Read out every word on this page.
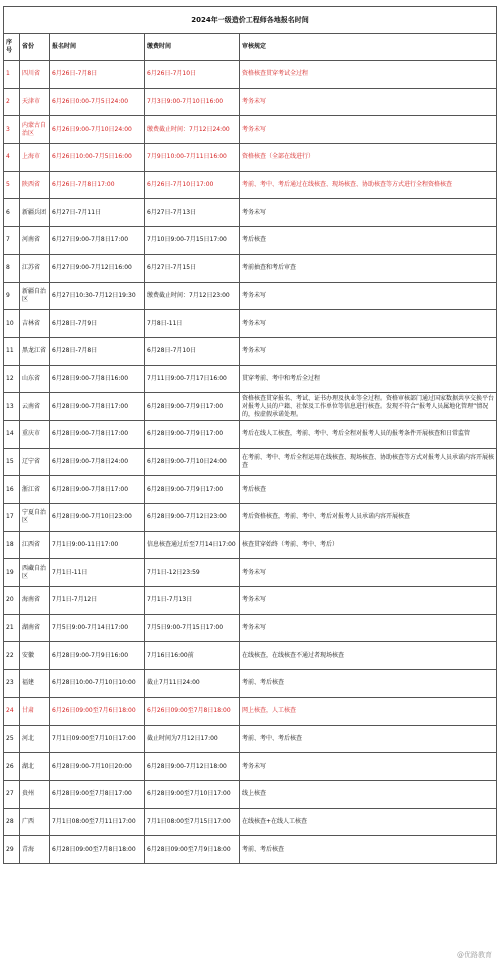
2024年一级造价工程师各地报名时间				
序号	省份	报名时间	缴费时间	审核规定
1	四川省	6月26日-7月8日	6月26日-7月10日	资格核查贯穿考试全过程
2	天津市	6月26日0:00-7月5日24:00	7月3日9:00-7月10日16:00	考务未写
3	内蒙古自治区	6月26日9:00-7月10日24:00	缴费截止时间：7月12日24:00	考务未写
4	上海市	6月26日10:00-7月5日16:00	7月9日10:00-7月11日16:00	资格核查（全部在线进行）
5	陕西省	6月26日-7月8日17:00	6月26日-7月10日17:00	考前、考中、考后通过在线核查、现场核查、协助核查等方式进行全程资格核查
6	新疆兵团	6月27日-7月11日	6月27日-7月13日	考务未写
7	河南省	6月27日9:00-7月8日17:00	7月10日9:00-7月15日17:00	考后核查
8	江苏省	6月27日9:00-7月12日16:00	6月27日-7月15日	考前抽查和考后审查
9	新疆自治区	6月27日10:30-7月12日19:30	缴费截止时间：7月12日23:00	考务未写
10	吉林省	6月28日-7月9日	7月8日-11日	考务未写
11	黑龙江省	6月28日-7月8日	6月28日-7月10日	考务未写
12	山东省	6月28日9:00-7月8日16:00	7月11日9:00-7月17日16:00	贯穿考前、考中和考后全过程
13	云南省	6月28日9:00-7月8日17:00	6月28日9:00-7月9日17:00	资格核查贯穿报名、考试、证书办理及执业等全过程。资格审核部门通过国家数据共享交换平台对报考人员的户籍、社保及工作单位等信息进行核查。发现不符合“报考人员属地化管理”情况的，按虚假承诺处理。
14	重庆市	6月28日9:00-7月8日17:00	6月28日9:00-7月9日17:00	考后在线人工核查，考前、考中、考后全程对报考人员的报考条件开展核查和日常监管
15	辽宁省	6月28日9:00-7月8日24:00	6月28日9:00-7月10日24:00	在考前、考中、考后全程运用在线核查、现场核查、协助核查等方式对报考人员承诺内容开展核查
16	浙江省	6月28日9:00-7月8日17:00	6月28日9:00-7月9日17:00	考后核查
17	宁夏自治区	6月28日9:00-7月10日23:00	6月28日9:00-7月12日23:00	考后资格核查，考前、考中、考后对报考人员承诺内容开展核查
18	江西省	7月1日9:00-11日17:00	信息核查通过后至7月14日17:00	核查贯穿始终（考前、考中、考后）
19	西藏自治区	7月1日-11日	7月1日-12日23:59	考务未写
20	海南省	7月1日-7月12日	7月1日-7月13日	考务未写
21	湖南省	7月5日9:00-7月14日17:00	7月5日9:00-7月15日17:00	考务未写
22	安徽	6月28日9:00-7月9日16:00	7月16日16:00前	在线核查，在线核查不通过者现场核查
23	福建	6月28日10:00-7月10日10:00	截止7月11日24:00	考前、考后核查
24	甘肃	6月26日09:00至7月6日18:00	6月26日09:00至7月8日18:00	网上核查，人工核查
25	河北	7月1日09:00至7月10日17:00	截止时间为7月12日17:00	考前、考中、考后核查
26	湖北	6月28日9:00-7月10日20:00	6月28日9:00-7月12日18:00	考务未写
27	贵州	6月28日9:00至7月8日17:00	6月28日9:00至7月10日17:00	线上核查
28	广西	7月1日08:00至7月11日17:00	7月1日08:00至7月15日17:00	在线核查+在线人工核查
29	青海	6月28日09:00至7月8日18:00	6月28日09:00至7月9日18:00	考前、考后核查
@优路教育
